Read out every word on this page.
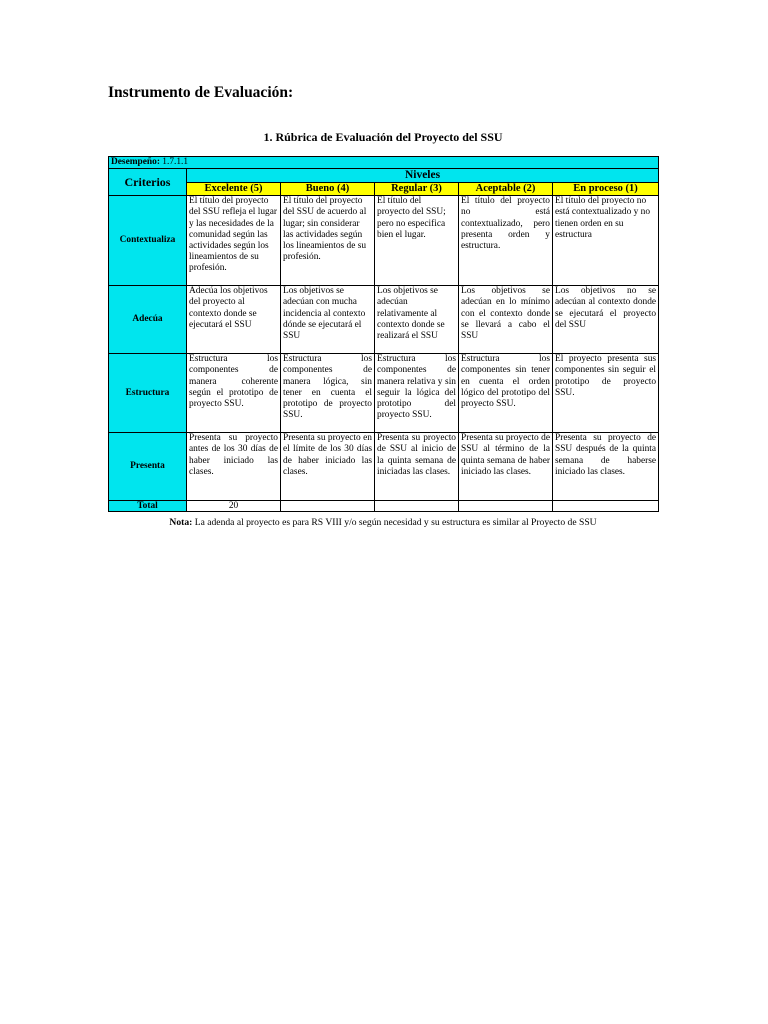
Instrumento de Evaluación:
1. Rúbrica de Evaluación del Proyecto del SSU
Desempeño: 1.7.1.1					
Criterios	Niveles				
	Excelente (5)	Bueno (4)	Regular (3)	Aceptable (2)	En proceso (1)
Contextualiza	El título del proyecto del SSU refleja el lugar y las necesidades de la comunidad según las actividades según los lineamientos de su profesión.	El título del proyecto del SSU de acuerdo al lugar; sin considerar las actividades según los lineamientos de su profesión.	El título del proyecto del SSU; pero no especifica bien el lugar.	El título del proyecto no está contextualizado, pero presenta orden y estructura.	El título del proyecto no está contextualizado y no tienen orden en su estructura
Adecúa	Adecúa los objetivos del proyecto al contexto donde se ejecutará el SSU	Los objetivos se adecúan con mucha incidencia al contexto dónde se ejecutará el SSU	Los objetivos se adecúan relativamente al contexto donde se realizará el SSU	Los objetivos se adecúan en lo mínimo con el contexto donde se llevará a cabo el SSU	Los objetivos no se adecúan al contexto donde se ejecutará el proyecto del SSU
Estructura	Estructura los componentes de manera coherente según el prototipo de proyecto SSU.	Estructura los componentes de manera lógica, sin tener en cuenta el prototipo de proyecto SSU.	Estructura los componentes de manera relativa y sin seguir la lógica del prototipo del proyecto SSU.	Estructura los componentes sin tener en cuenta el orden lógico del prototipo del proyecto SSU.	El proyecto presenta sus componentes sin seguir el prototipo de proyecto SSU.
Presenta	Presenta su proyecto antes de los 30 días de haber iniciado las clases.	Presenta su proyecto en el límite de los 30 días de haber iniciado las clases.	Presenta su proyecto de SSU al inicio de la quinta semana de iniciadas las clases.	Presenta su proyecto de SSU al término de la quinta semana de haber iniciado las clases.	Presenta su proyecto de SSU después de la quinta semana de haberse iniciado las clases.
Total	20				

Nota: La adenda al proyecto es para RS VIII y/o según necesidad y su estructura es similar al Proyecto de SSU
